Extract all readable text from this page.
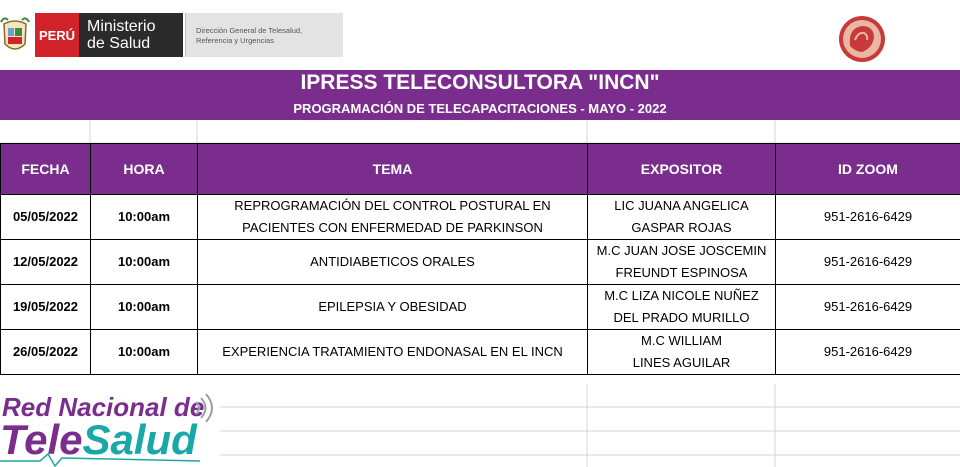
PERÚ Ministerio
de Salud
Dirección General de Telesalud,
Referencia y Urgencias
IPRESS TELECONSULTORA "INCN"
PROGRAMACIÓN DE TELECAPACITACIONES - MAYO - 2022
FECHA	HORA	TEMA	EXPOSITOR	ID ZOOM
05/05/2022	10:00am	REPROGRAMACIÓN DEL CONTROL POSTURAL EN PACIENTES CON ENFERMEDAD DE PARKINSON	LIC JUANA ANGELICA GASPAR ROJAS	951-2616-6429
12/05/2022	10:00am	ANTIDIABETICOS ORALES	M.C JUAN JOSE JOSCEMIN FREUNDT ESPINOSA	951-2616-6429
19/05/2022	10:00am	EPILEPSIA Y OBESIDAD	M.C LIZA NICOLE NUÑEZ DEL PRADO MURILLO	951-2616-6429
26/05/2022	10:00am	EXPERIENCIA TRATAMIENTO ENDONASAL EN EL INCN	M.C WILLIAM LINES AGUILAR	951-2616-6429
Red Nacional de
TeleSalud
